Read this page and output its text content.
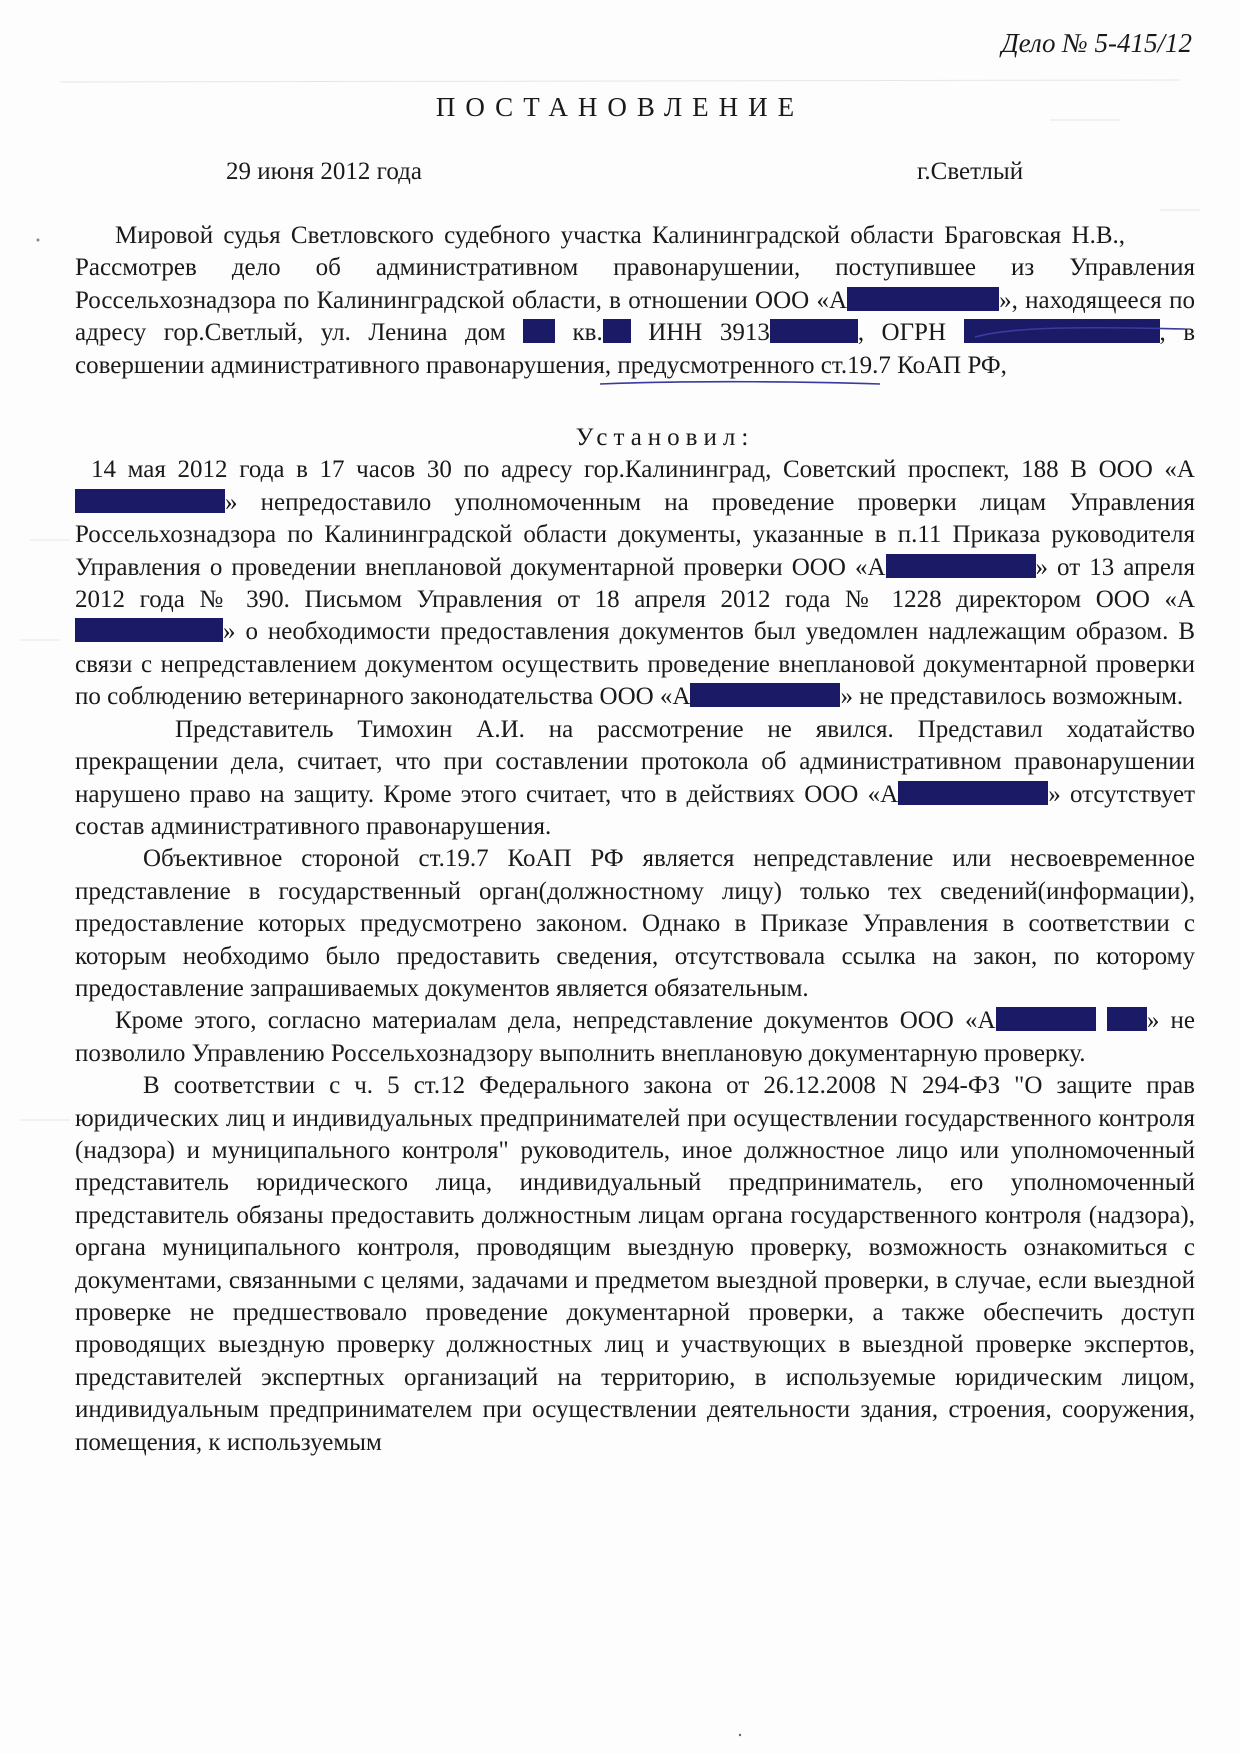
Дело № 5-415/12
ПОСТАНОВЛЕНИЕ
29 июня 2012 года	г.Светлый

Мировой судья Светловского судебного участка Калининградской области Браговская Н.В.,

Рассмотрев дело об административном правонарушении, поступившее из Управления Россельхознадзора по Калининградской области, в отношении ООО «А	», находящееся по адресу гор.Светлый, ул. Ленина дом	кв. ИНН 3913	, ОГРН	, в совершении административного правонарушения, предусмотренного ст.19.7 КоАП РФ,

Установил:

14 мая 2012 года в 17 часов 30 по адресу гор.Калининград, Советский проспект, 188 В ООО «А» непредоставило уполномоченным на проведение проверки лицам Управления Россельхознадзора по Калининградской области документы, указанные в п.11 Приказа руководителя Управления о проведении внеплановой документарной проверки ООО «А	» от 13 апреля 2012 года № 390. Письмом Управления от 18 апреля 2012 года № 1228 директором ООО «А» о необходимости предоставления документов был уведомлен надлежащим образом. В связи с непредставлением документом осуществить проведение внеплановой документарной проверки по соблюдению ветеринарного законодательства ООО «А	» не представилось возможным.

Представитель Тимохин А.И. на рассмотрение не явился. Представил ходатайство прекращении дела, считает, что при составлении протокола об административном правонарушении нарушено право на защиту. Кроме этого считает, что в действиях ООО «А	» отсутствует состав административного правонарушения.

Объективное стороной ст.19.7 КоАП РФ является непредставление или несвоевременное представление в государственный орган(должностному лицу) только тех сведений(информации), предоставление которых предусмотрено законом. Однако в Приказе Управления в соответствии с которым необходимо было предоставить сведения, отсутствовала ссылка на закон, по которому предоставление запрашиваемых документов является обязательным.

Кроме этого, согласно материалам дела, непредставление документов ООО «А	» не позволило Управлению Россельхознадзору выполнить внеплановую документарную проверку.

В соответствии с ч. 5 ст.12 Федерального закона от 26.12.2008 N 294-ФЗ "О защите прав юридических лиц и индивидуальных предпринимателей при осуществлении государственного контроля (надзора) и муниципального контроля" руководитель, иное должностное лицо или уполномоченный представитель юридического лица, индивидуальный предприниматель, его уполномоченный представитель обязаны предоставить должностным лицам органа государственного контроля (надзора), органа муниципального контроля, проводящим выездную проверку, возможность ознакомиться с документами, связанными с целями, задачами и предметом выездной проверки, в случае, если выездной проверке не предшествовало проведение документарной проверки, а также обеспечить доступ проводящих выездную проверку должностных лиц и участвующих в выездной проверке экспертов, представителей экспертных организаций на территорию, в используемые юридическим лицом, индивидуальным предпринимателем при осуществлении деятельности здания, строения, сооружения, помещения, к используемым
